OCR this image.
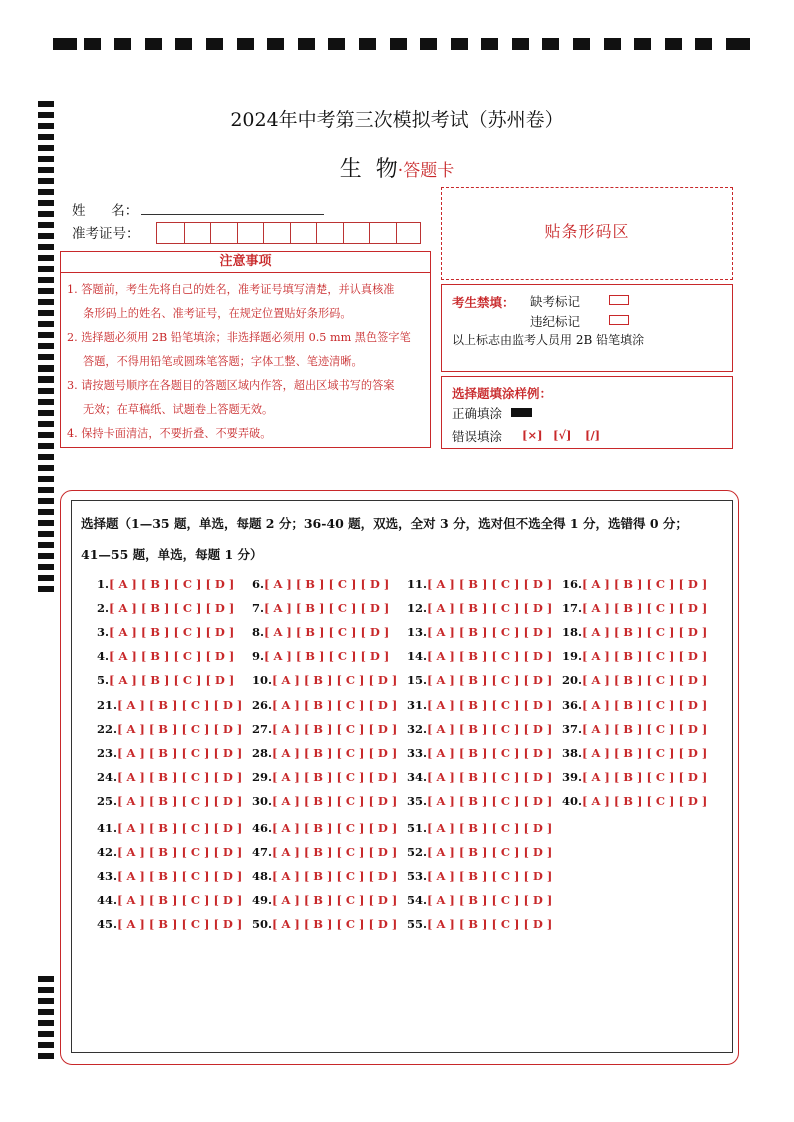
2024年中考第三次模拟考试（苏州卷）
生  物·答题卡
姓      名：
准考证号：
注意事项
1. 答题前，考生先将自己的姓名，准考证号填写清楚，并认真核准
条形码上的姓名、准考证号，在规定位置贴好条形码。
2. 选择题必须用 2B 铅笔填涂；非选择题必须用 0.5 mm 黑色签字笔
答题，不得用铅笔或圆珠笔答题；字体工整、笔迹清晰。
3. 请按题号顺序在各题目的答题区域内作答，超出区域书写的答案
无效；在草稿纸、试题卷上答题无效。
4. 保持卡面清洁，不要折叠、不要弄破。
贴条形码区
考生禁填： 缺考标记
违纪标记
以上标志由监考人员用 2B 铅笔填涂
选择题填涂样例：
正确填涂
错误填涂 [×] [√] [/]
选择题（1—35 题，单选，每题 2 分；36-40 题，双选，全对 3 分，选对但不选全得 1 分，选错得 0 分；
41—55 题，单选，每题 1 分）
1.[ A ] [ B ] [ C ] [ D ]
2.[ A ] [ B ] [ C ] [ D ]
3.[ A ] [ B ] [ C ] [ D ]
4.[ A ] [ B ] [ C ] [ D ]
5.[ A ] [ B ] [ C ] [ D ]
6.[ A ] [ B ] [ C ] [ D ]
7.[ A ] [ B ] [ C ] [ D ]
8.[ A ] [ B ] [ C ] [ D ]
9.[ A ] [ B ] [ C ] [ D ]
10.[ A ] [ B ] [ C ] [ D ]
11.[ A ] [ B ] [ C ] [ D ]
12.[ A ] [ B ] [ C ] [ D ]
13.[ A ] [ B ] [ C ] [ D ]
14.[ A ] [ B ] [ C ] [ D ]
15.[ A ] [ B ] [ C ] [ D ]
16.[ A ] [ B ] [ C ] [ D ]
17.[ A ] [ B ] [ C ] [ D ]
18.[ A ] [ B ] [ C ] [ D ]
19.[ A ] [ B ] [ C ] [ D ]
20.[ A ] [ B ] [ C ] [ D ]
21.[ A ] [ B ] [ C ] [ D ]
22.[ A ] [ B ] [ C ] [ D ]
23.[ A ] [ B ] [ C ] [ D ]
24.[ A ] [ B ] [ C ] [ D ]
25.[ A ] [ B ] [ C ] [ D ]
26.[ A ] [ B ] [ C ] [ D ]
27.[ A ] [ B ] [ C ] [ D ]
28.[ A ] [ B ] [ C ] [ D ]
29.[ A ] [ B ] [ C ] [ D ]
30.[ A ] [ B ] [ C ] [ D ]
31.[ A ] [ B ] [ C ] [ D ]
32.[ A ] [ B ] [ C ] [ D ]
33.[ A ] [ B ] [ C ] [ D ]
34.[ A ] [ B ] [ C ] [ D ]
35.[ A ] [ B ] [ C ] [ D ]
36.[ A ] [ B ] [ C ] [ D ]
37.[ A ] [ B ] [ C ] [ D ]
38.[ A ] [ B ] [ C ] [ D ]
39.[ A ] [ B ] [ C ] [ D ]
40.[ A ] [ B ] [ C ] [ D ]
41.[ A ] [ B ] [ C ] [ D ]
42.[ A ] [ B ] [ C ] [ D ]
43.[ A ] [ B ] [ C ] [ D ]
44.[ A ] [ B ] [ C ] [ D ]
45.[ A ] [ B ] [ C ] [ D ]
46.[ A ] [ B ] [ C ] [ D ]
47.[ A ] [ B ] [ C ] [ D ]
48.[ A ] [ B ] [ C ] [ D ]
49.[ A ] [ B ] [ C ] [ D ]
50.[ A ] [ B ] [ C ] [ D ]
51.[ A ] [ B ] [ C ] [ D ]
52.[ A ] [ B ] [ C ] [ D ]
53.[ A ] [ B ] [ C ] [ D ]
54.[ A ] [ B ] [ C ] [ D ]
55.[ A ] [ B ] [ C ] [ D ]
